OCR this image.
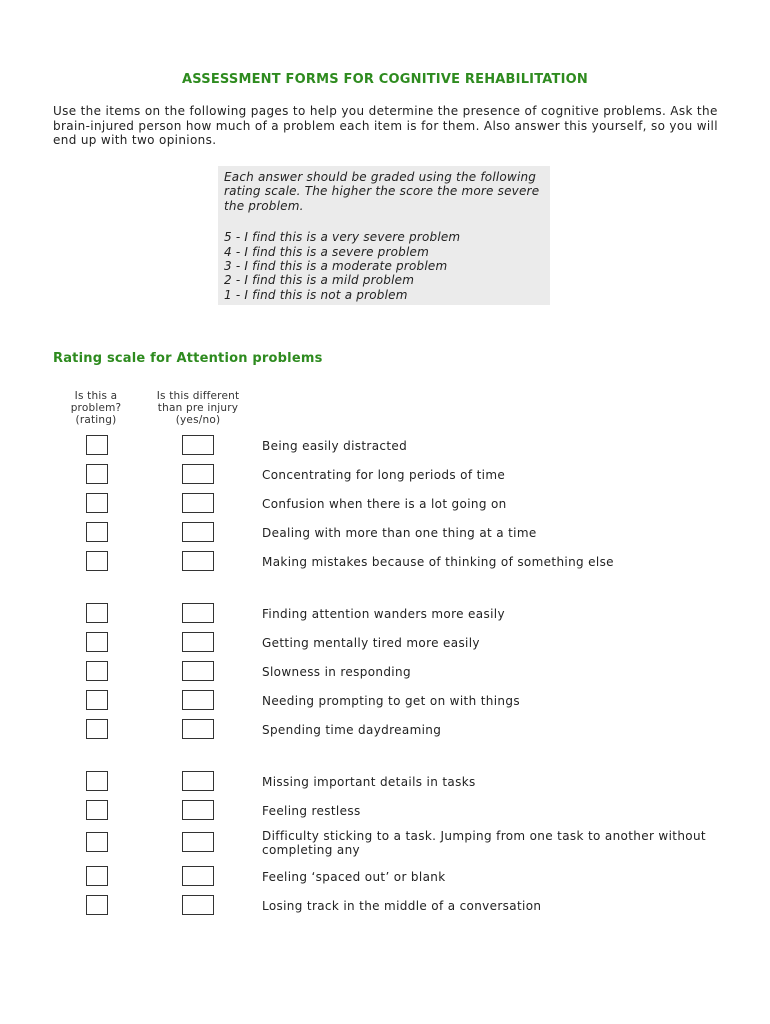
ASSESSMENT FORMS FOR COGNITIVE REHABILITATION
Use the items on the following pages to help you determine the presence of cognitive problems. Ask the brain-injured person how much of a problem each item is for them. Also answer this yourself, so you will end up with two opinions.

Each answer should be graded using the following rating scale. The higher the score the more severe the problem.

5 - I find this is a very severe problem
4 - I find this is a severe problem
3 - I find this is a moderate problem
2 - I find this is a mild problem
1 - I find this is not a problem
Rating scale for Attention problems
Is this a
problem?
(rating)
Is this different
than pre injury
(yes/no)
Being easily distracted
Concentrating for long periods of time
Confusion when there is a lot going on
Dealing with more than one thing at a time
Making mistakes because of thinking of something else
Finding attention wanders more easily
Getting mentally tired more easily
Slowness in responding
Needing prompting to get on with things
Spending time daydreaming
Missing important details in tasks
Feeling restless
Difficulty sticking to a task. Jumping from one task to another without completing any
Feeling ‘spaced out’ or blank
Losing track in the middle of a conversation
